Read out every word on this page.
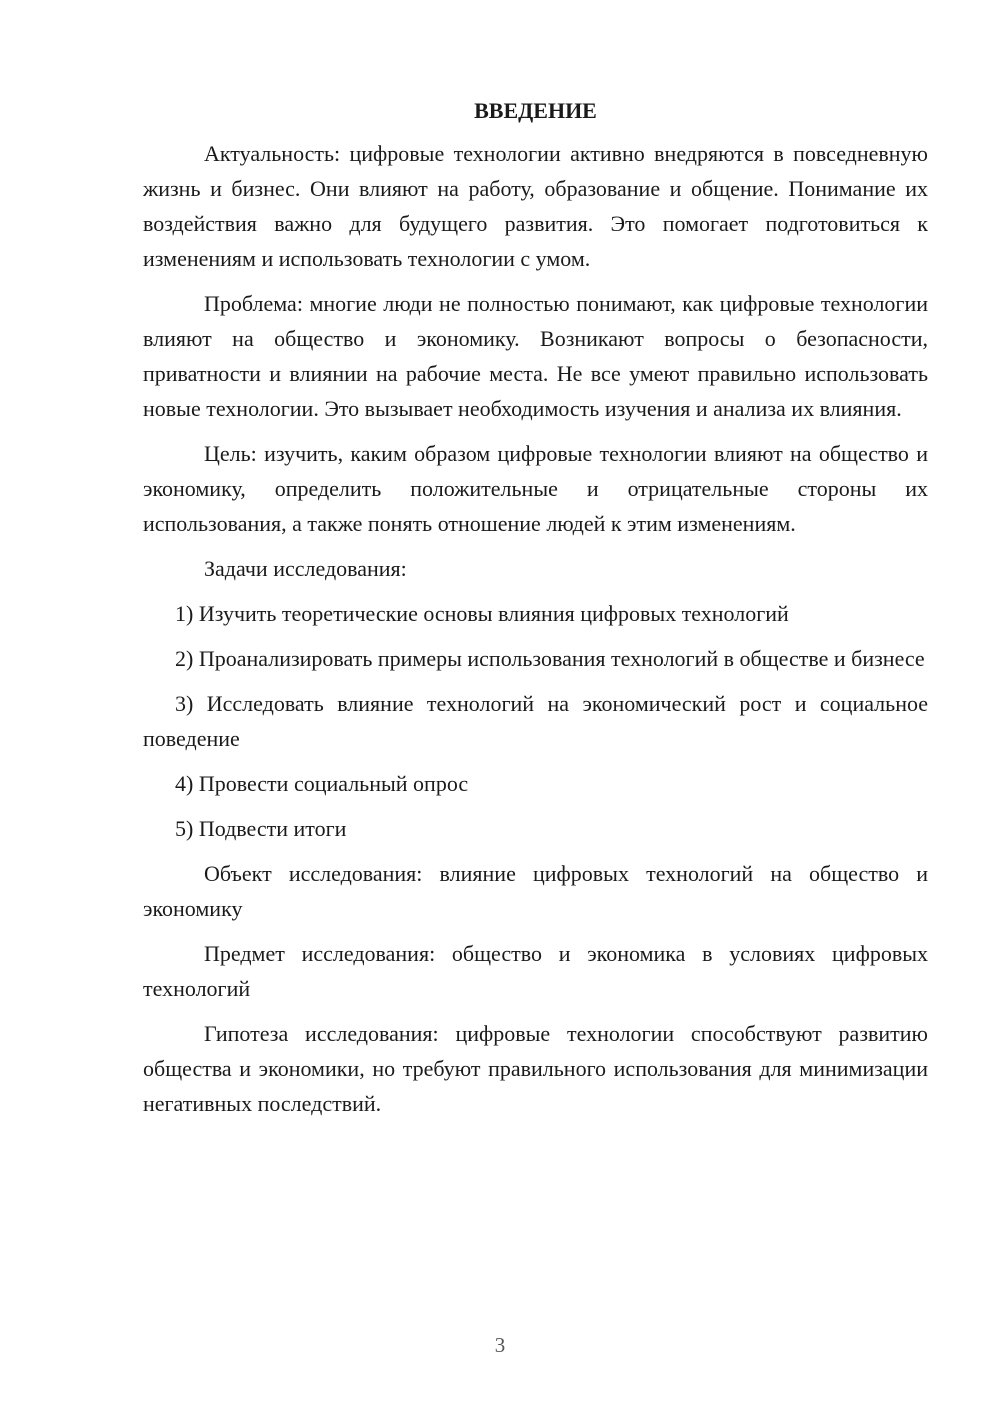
ВВЕДЕНИЕ

Актуальность: цифровые технологии активно внедряются в повседневную жизнь и бизнес. Они влияют на работу, образование и общение. Понимание их воздействия важно для будущего развития. Это помогает подготовиться к изменениям и использовать технологии с умом.

Проблема: многие люди не полностью понимают, как цифровые технологии влияют на общество и экономику. Возникают вопросы о безопасности, приватности и влиянии на рабочие места. Не все умеют правильно использовать новые технологии. Это вызывает необходимость изучения и анализа их влияния.

Цель: изучить, каким образом цифровые технологии влияют на общество и экономику, определить положительные и отрицательные стороны их использования, а также понять отношение людей к этим изменениям.

Задачи исследования:

1) Изучить теоретические основы влияния цифровых технологий

2) Проанализировать примеры использования технологий в обществе и бизнесе

3) Исследовать влияние технологий на экономический рост и социальное поведение

4) Провести социальный опрос

5) Подвести итоги

Объект исследования: влияние цифровых технологий на общество и экономику

Предмет исследования: общество и экономика в условиях цифровых технологий

Гипотеза исследования: цифровые технологии способствуют развитию общества и экономики, но требуют правильного использования для минимизации негативных последствий.

3
